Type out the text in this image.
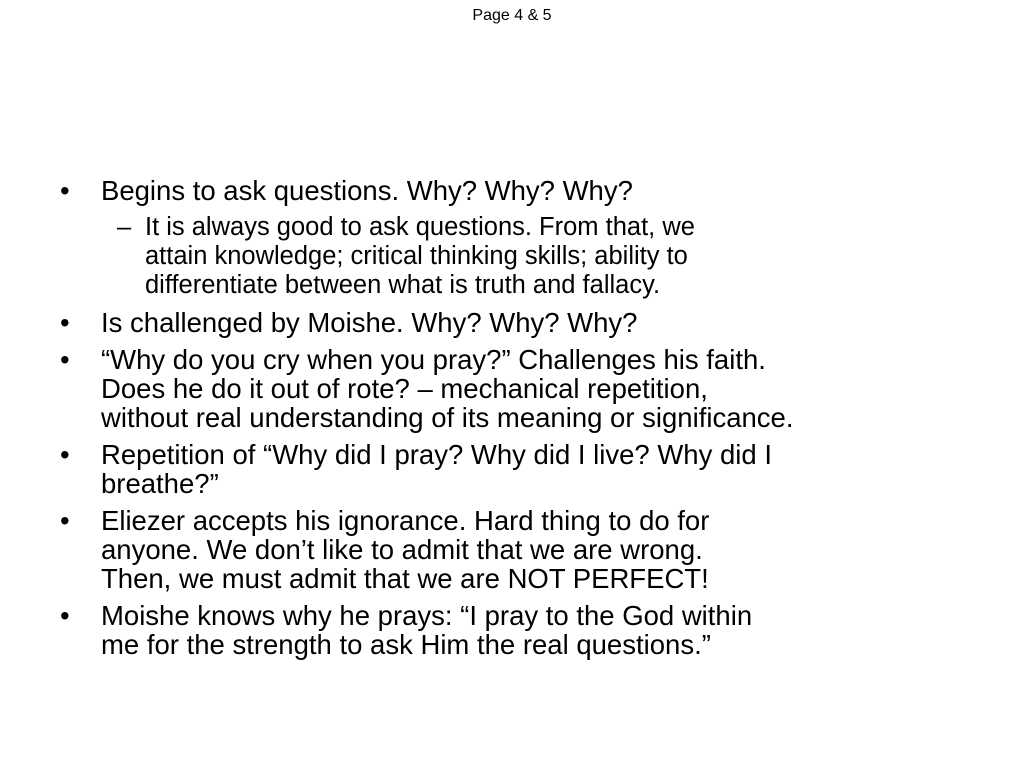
Page 4 & 5
• Begins to ask questions. Why? Why? Why?
– It is always good to ask questions. From that, we
attain knowledge; critical thinking skills; ability to
differentiate between what is truth and fallacy.
• Is challenged by Moishe. Why? Why? Why?
• “Why do you cry when you pray?” Challenges his faith.
Does he do it out of rote? – mechanical repetition,
without real understanding of its meaning or significance.
• Repetition of “Why did I pray? Why did I live? Why did I
breathe?”
• Eliezer accepts his ignorance. Hard thing to do for
anyone. We don’t like to admit that we are wrong.
Then, we must admit that we are NOT PERFECT!
• Moishe knows why he prays: “I pray to the God within
me for the strength to ask Him the real questions.”
